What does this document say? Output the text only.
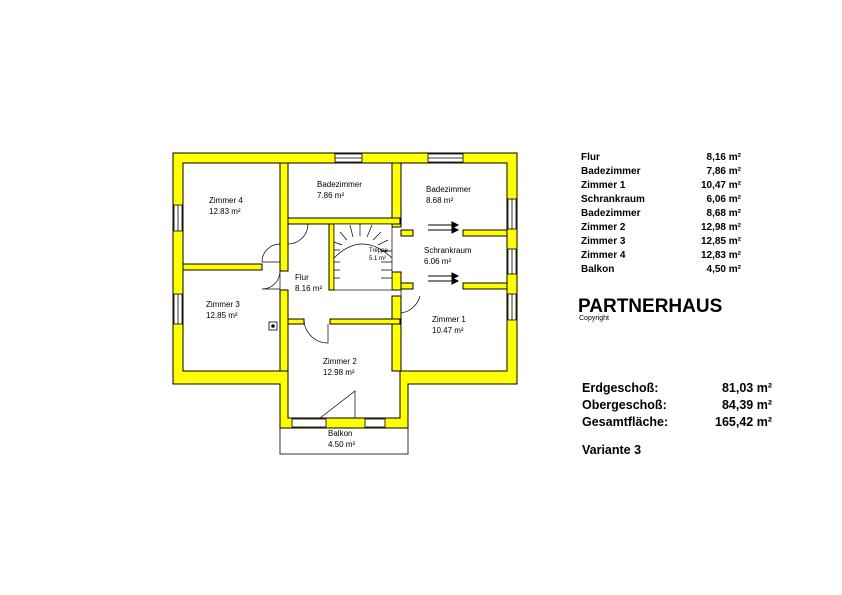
Zimmer 4
12.83 m²
Badezimmer
7.86 m²
Badezimmer
8.68 m²
Treppe
5.1 m²
Schrankraum
6.06 m²
Flur
8.16 m²
Zimmer 3
12.85 m²	Zimmer 1
10.47 m²
Zimmer 2
12.98 m²
Balkon
4.50 m²
Flur	8,16 m²
Badezimmer	7,86 m²
Zimmer 1	10,47 m²
Schrankraum	6,06 m²
Badezimmer	8,68 m²
Zimmer 2	12,98 m²
Zimmer 3	12,85 m²
Zimmer 4	12,83 m²
Balkon	4,50 m²
PARTNERHAUS
Copyright
Erdgeschoß:	81,03 m²
Obergeschoß:	84,39 m²
Gesamtfläche:	165,42 m²
Variante 3
